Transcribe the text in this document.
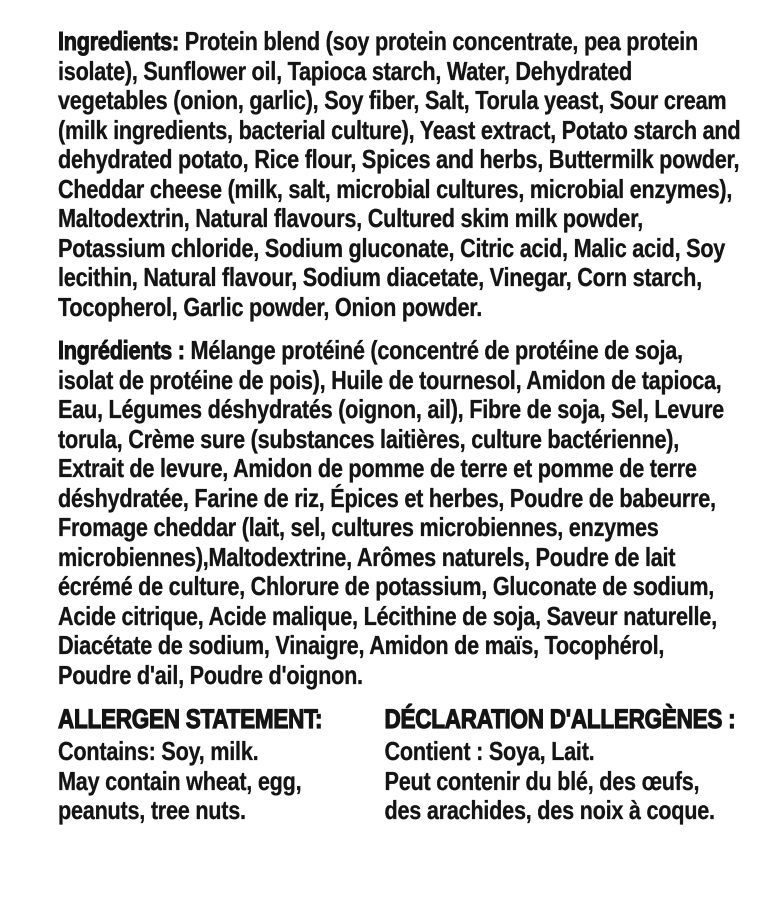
Ingredients: Protein blend (soy protein concentrate, pea protein isolate), Sunflower oil, Tapioca starch, Water, Dehydrated vegetables (onion, garlic), Soy fiber, Salt, Torula yeast, Sour cream (milk ingredients, bacterial culture), Yeast extract, Potato starch and dehydrated potato, Rice flour, Spices and herbs, Buttermilk powder, Cheddar cheese (milk, salt, microbial cultures, microbial enzymes), Maltodextrin, Natural flavours, Cultured skim milk powder, Potassium chloride, Sodium gluconate, Citric acid, Malic acid, Soy lecithin, Natural flavour, Sodium diacetate, Vinegar, Corn starch, Tocopherol, Garlic powder, Onion powder.

Ingrédients : Mélange protéiné (concentré de protéine de soja, isolat de protéine de pois), Huile de tournesol, Amidon de tapioca, Eau, Légumes déshydratés (oignon, ail), Fibre de soja, Sel, Levure torula, Crème sure (substances laitières, culture bactérienne), Extrait de levure, Amidon de pomme de terre et pomme de terre déshydratée, Farine de riz, Épices et herbes, Poudre de babeurre, Fromage cheddar (lait, sel, cultures microbiennes, enzymes microbiennes),Maltodextrine, Arômes naturels, Poudre de lait écrémé de culture, Chlorure de potassium, Gluconate de sodium, Acide citrique, Acide malique, Lécithine de soja, Saveur naturelle, Diacétate de sodium, Vinaigre, Amidon de maïs, Tocophérol, Poudre d'ail, Poudre d'oignon.

ALLERGEN STATEMENT:

Contains: Soy, milk.

May contain wheat, egg, peanuts, tree nuts.

DÉCLARATION D'ALLERGÈNES :

Contient : Soya, Lait.

Peut contenir du blé, des œufs, des arachides, des noix à coque.
